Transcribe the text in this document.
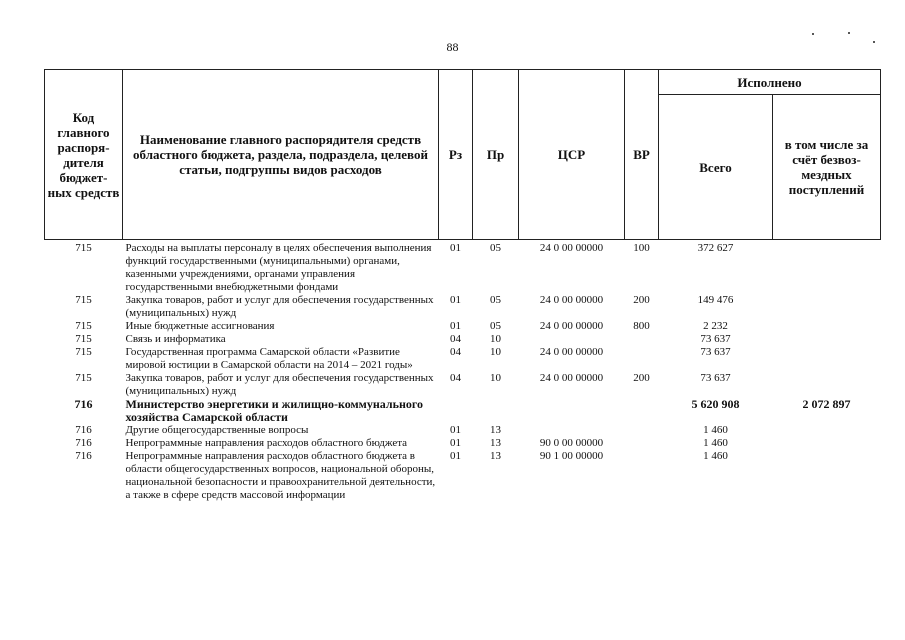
88
Код главного распоря- дителя бюджет- ных средств	Наименование главного распорядителя средств областного бюджета, раздела, подраздела, целевой статьи, подгруппы видов расходов	Рз	Пр	ЦСР	ВР	Исполнено	
						Всего	в том числе за счёт безвоз- мездных поступлений
715	Расходы на выплаты персоналу в целях обеспечения выполнения функций государственными (муниципальными) органами, казенными учреждениями, органами управления государственными внебюджетными фондами	01	05	24 0 00 00000	100	372 627	
715	Закупка товаров, работ и услуг для обеспечения государственных (муниципальных) нужд	01	05	24 0 00 00000	200	149 476	
715	Иные бюджетные ассигнования	01	05	24 0 00 00000	800	2 232	
715	Связь и информатика	04	10			73 637	
715	Государственная программа Самарской области «Развитие мировой юстиции в Самарской области на 2014 – 2021 годы»	04	10	24 0 00 00000		73 637	
715	Закупка товаров, работ и услуг для обеспечения государственных (муниципальных) нужд	04	10	24 0 00 00000	200	73 637	
716	Министерство энергетики и жилищно-коммунального хозяйства Самарской области					5 620 908	2 072 897
716	Другие общегосударственные вопросы	01	13			1 460	
716	Непрограммные направления расходов областного бюджета	01	13	90 0 00 00000		1 460	
716	Непрограммные направления расходов областного бюджета в области общегосударственных вопросов, национальной обороны, национальной безопасности и правоохранительной деятельности, а также в сфере средств массовой информации	01	13	90 1 00 00000		1 460	
